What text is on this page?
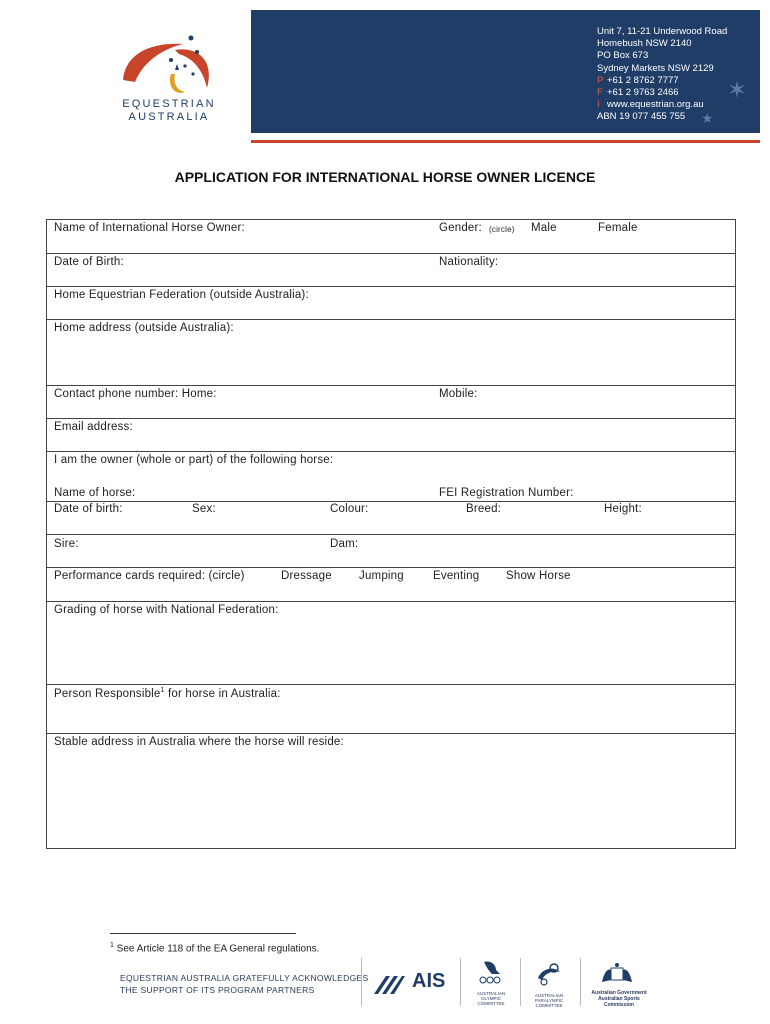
EQUESTRIAN
AUSTRALIA
Unit 7, 11-21 Underwood Road
Homebush NSW 2140
PO Box 673
Sydney Markets NSW 2129
P +61 2 8762 7777
F +61 2 9763 2466
I www.equestrian.org.au
ABN 19 077 455 755
✶
★
APPLICATION FOR INTERNATIONAL HORSE OWNER LICENCE
Name of International Horse Owner:	Gender: (circle) Male	Female
Date of Birth:	Nationality:
Home Equestrian Federation (outside Australia):
Home address (outside Australia):
Contact phone number: Home:	Mobile:
Email address:
I am the owner (whole or part) of the following horse:
Name of horse:	FEI Registration Number:
Date of birth:	Sex:	Colour:	Breed:	Height:
Sire:	Dam:
Performance cards required: (circle)	Dressage Jumping	Eventing Show Horse
Grading of horse with National Federation:
Person Responsible$^1$ for horse in Australia:
Stable address in Australia where the horse will reside:
$^1$ See Article 118 of the EA General regulations.
EQUESTRIAN AUSTRALIA GRATEFULLY ACKNOWLEDGES
THE SUPPORT OF ITS PROGRAM PARTNERS	AIS
AUSTRALIAN OLYMPIC COMMITTEE
AUSTRALIAN PARALYMPIC COMMITTEE
Australian Government
Australian Sports Commission
